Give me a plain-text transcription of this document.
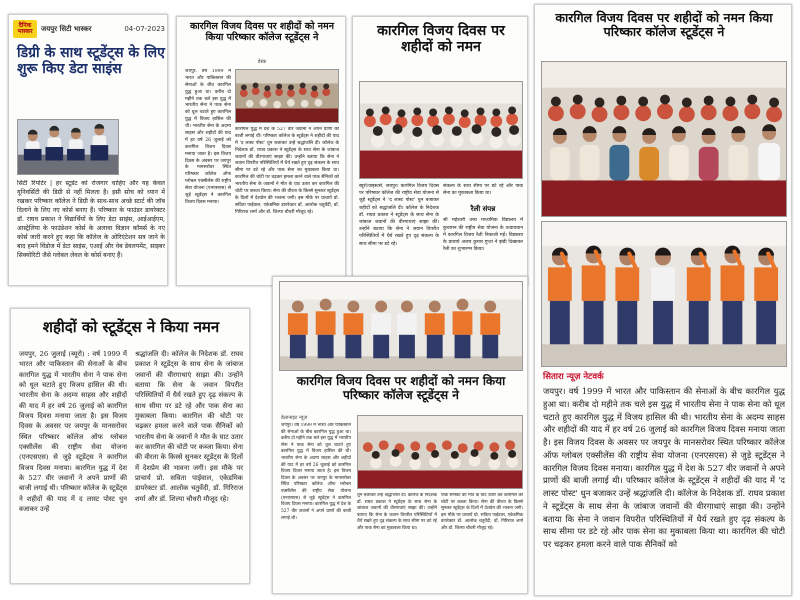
दैनिक भास्कर	जयपुर सिटी भास्कर	04-07-2023
डिग्री के साथ स्टूडेंट्स के लिए शुरू किए डेटा साइंस
सिटी रिपोर्टर | हर स्टूडेंट को रोजगार चाहिए और यह केवल यूनिवर्सिटी की डिग्री से नहीं मिलता है। इसी सोच को ध्यान में रखकर परिष्कार कॉलेज ने डिग्री के साथ-साथ अच्छे स्टार्ट की जॉब दिलाने के लिए नए कोर्स बनाए हैं। परिष्कार के फाउंडर डायरेक्टर डॉ. राघव प्रकाश ने विद्यार्थियों के लिए डेटा साइंस, आईआईएम, आस्ट्रेलिया के फाउंडेशन कोर्स के अलावा विज्ञान कॉमर्स के नए कोर्स जारी करने हुए कहा कि कॉलेज के ओरिएंटेशन सत्र जाने के बाद हमने विंडोज में डेटा साइंस, एआई और वेब डेवलपमेंट, साइबर सिक्योरिटी जैसे ग्लोबल लेवल के कोर्स बनाए हैं।
कारगिल विजय दिवस पर शहीदों को नमन किया परिष्कार कॉलेज स्टूडेंट्स ने
डेस्क
जयपुर. वर्ष 1999 में भारत और पाकिस्तान की सेनाओं के बीच कारगिल युद्ध हुआ था। करीब दो महीने तक चले इस युद्ध में भारतीय सेना ने पाक सेना को धूल चटाते हुए कारगिल युद्ध में विजय हासिल की थी। भारतीय सेना के अदम्य साहस और शहीदों की याद में हर वर्ष 26 जुलाई को कारगिल विजय दिवस मनाया जाता है। इस विजय दिवस के अवसर पर जयपुर के मानसरोवर स्थित परिष्कार कॉलेज ऑफ ग्लोबल एक्सीलेंस की राष्ट्रीय सेवा योजना (एनएसएस) से जुड़े स्टूडेंट्स ने कारगिल विजय दिवस मनाया।
कारगिल युद्ध में देश के 527 वीर जवानों ने अपने प्राणों की बाजी लगाई थी। परिष्कार कॉलेज के स्टूडेंट्स ने शहीदों की याद में 'द लास्ट पोस्ट' धुन बजाकर उन्हें श्रद्धांजलि दी। कॉलेज के निदेशक डॉ. राघव प्रकाश ने स्टूडेंट्स के साथ सेना के जांबाज जवानों की वीरगाथाएं साझा कीं। उन्होंने बताया कि सेना ने जवान विपरीत परिस्थितियों में धैर्य रखते हुए दृढ़ संकल्प के साथ सीमा पर डटे रहे और पाक सेना का मुकाबला किया था। कारगिल की चोटी पर चढ़कर हमला करने वाले पाक सैनिकों को भारतीय सेना के जवानों ने मौत के घाट उतार कर कारगिल की चोटी पर कब्जा किया। सेना की वीरता के किस्से सुनकर स्टूडेंट्स के दिलों में देशप्रेम की भावना जगी। इस मौके पर प्राचार्य प्रो. सविता पाईवाल, एकेडमिक डायरेक्टर डॉ. आलोक चतुर्वेदी, डॉ. गिरिराज शर्मा और डॉ. शिल्पा चौधरी मौजूद रहे।
कारगिल विजय दिवस पर शहीदों को नमन
ब्यूरो/वाइस्टर्स, जयपुर। कारगिल विजय दिवस पर परिष्कार कॉलेज की राष्ट्रीय सेवा योजना से जुड़े स्टूडेंट्स ने 'द लास्ट पोस्ट' धुन बजाकर शहीदों को श्रद्धांजलि दी। कॉलेज के निदेशक डॉ. राघव प्रकाश ने स्टूडेंट्स के साथ सेना के जांबाज जवानों की वीरगाथाएं साझा कीं। उन्होंने बताया कि सेना ने जवान विपरीत परिस्थितियों में धैर्य रखते हुए दृढ़ संकल्प के साथ सीमा पर डटे रहे।
संकल्प के साथ सीमा पर डटे रहे और पाक सेना का मुकाबला किया था।
रैली संपन्न
श्री महेश्वरी उच्च माध्यमिक विद्यालय में कुचामन की राष्ट्रीय सेवा योजना के तत्वावधान में कारगिल विजय रैली निकाली गई। विद्यालय के प्राचार्य अजय कुमार गुप्ता ने झंडी दिखाकर रैली का शुभारम्भ किया।
कारगिल विजय दिवस पर शहीदों को नमन किया परिष्कार कॉलेज स्टूडेंट्स ने
सितारा न्यूज़ नेटवर्क
जयपुर। वर्ष 1999 में भारत और पाकिस्तान की सेनाओं के बीच कारगिल युद्ध हुआ था। करीब दो महीने तक चले इस युद्ध में भारतीय सेना ने पाक सेना को धूल चटाते हुए कारगिल युद्ध में विजय हासिल की थी। भारतीय सेना के अदम्य साहस और शहीदों की याद में हर वर्ष 26 जुलाई को कारगिल विजय दिवस मनाया जाता है। इस विजय दिवस के अवसर पर जयपुर के मानसरोवर स्थित परिष्कार कॉलेज ऑफ ग्लोबल एक्सीलेंस की राष्ट्रीय सेवा योजना (एनएसएस) से जुड़े स्टूडेंट्स ने कारगिल विजय दिवस मनाया। कारगिल युद्ध में देश के 527 वीर जवानों ने अपने प्राणों की बाजी लगाई थी। परिष्कार कॉलेज के स्टूडेंट्स ने शहीदों की याद में 'द लास्ट पोस्ट' धुन बजाकर उन्हें श्रद्धांजलि दी। कॉलेज के निदेशक डॉ. राघव प्रकाश ने स्टूडेंट्स के साथ सेना के जांबाज जवानों की वीरगाथाएं साझा की। उन्होंने बताया कि सेना ने जवान विपरीत परिस्थितियों में धैर्य रखते हुए दृढ़ संकल्प के साथ सीमा पर डटे रहे और पाक सेना का मुकाबला किया था। कारगिल की चोटी पर चढ़कर हमला करने वाले पाक सैनिकों को
शहीदों को स्टूडेंट्स ने किया नमन
जयपुर, 26 जुलाई (ब्यूरो) : वर्ष 1999 में भारत और पाकिस्तान की सेनाओं के बीच कारगिल युद्ध में भारतीय सेना ने पाक सेना को धूल चटाते हुए विजय हासिल की थी। भारतीय सेना के अदम्य साहस और शहीदों की याद में हर वर्ष 26 जुलाई को कारगिल विजय दिवस मनाया जाता है। इस विजय दिवस के अवसर पर जयपुर के मानसरोवर स्थित परिष्कार कॉलेज ऑफ ग्लोबल एक्सीलेंस की राष्ट्रीय सेवा योजना (एनएसएस) से जुड़े स्टूडेंट्स ने कारगिल विजय दिवस मनाया। कारगिल युद्ध में देश के 527 वीर जवानों ने अपने प्राणों की बाजी लगाई थी। परिष्कार कॉलेज के स्टूडेंट्स ने शहीदों की याद में द लास्ट पोस्ट धुन बजाकर उन्हें
श्रद्धांजलि दी। कॉलेज के निदेशक डॉ. राघव प्रकाश ने स्टूडेंट्स के साथ सेना के जांबाज जवानों की वीरगाथाएं साझा की। उन्होंने बताया कि सेना के जवान विपरीत परिस्थितियों में धैर्य रखते हुए दृढ़ संकल्प के साथ सीमा पर डटे रहे और पाक सेना का मुकाबला किया। कारगिल की चोटी पर चढ़कर हमला करने वाले पाक सैनिकों को भारतीय सेना के जवानों ने मौत के घाट उतार कर कारगिल की चोटी पर कब्जा किया। सेना की वीरता के किस्से सुनकर स्टूडेंट्स के दिलों में देशप्रेम की भावना जगी। इस मौके पर प्राचार्य प्रो. सविता पाईवाल, एकेडमिक डायरेक्टर डॉ. आलोक चतुर्वेदी, डॉ. गिरिराज शर्मा और डॉ. शिल्पा चौधरी मौजूद रहे।
कारगिल विजय दिवस पर शहीदों को नमन किया परिष्कार कॉलेज स्टूडेंट्स ने
डेलानाइट न्यूज़
जयपुर। वर्ष 1999 में भारत और पाकिस्तान की सेनाओं के बीच कारगिल युद्ध हुआ था। करीब दो महीने तक चले इस युद्ध में भारतीय सेना ने पाक सेना को धूल चटाते हुए कारगिल युद्ध में विजय हासिल की थी। भारतीय सेना के अदम्य साहस और शहीदों की याद में हर वर्ष 26 जुलाई को कारगिल विजय दिवस मनाया जाता है। इस विजय दिवस के अवसर पर जयपुर के मानसरोवर स्थित परिष्कार कॉलेज ऑफ ग्लोबल एक्सीलेंस की राष्ट्रीय सेवा योजना (एनएसएस) से जुड़े स्टूडेंट्स ने कारगिल विजय दिवस मनाया। कारगिल युद्ध में देश के 527 वीर जवानों ने अपने प्राणों की बाजी लगाई थी।
धुन बजाकर उन्हें श्रद्धांजलि दी। कॉलेज के निदेशक डॉ. राघव प्रकाश ने स्टूडेंट्स के साथ सेना के जांबाज जवानों की वीरगाथाएं साझा की। उन्होंने बताया कि सेना के जवान विपरीत परिस्थितियों में धैर्य रखते हुए दृढ़ संकल्प के साथ सीमा पर डटे रहे और पाक सेना का मुकाबला किया था।
पाक सैनिकों को मौत के घाट उतार कर कारगिल की चोटी पर कब्जा किया। सेना की वीरता के किस्से सुनकर स्टूडेंट्स के दिलों में देशप्रेम की भावना जगी। इस मौके पर प्राचार्य प्रो. सविता पाईवाल, एकेडमिक डायरेक्टर डॉ. आलोक चतुर्वेदी, डॉ. गिरिराज शर्मा और डॉ. शिल्पा चौधरी मौजूद रहे।
